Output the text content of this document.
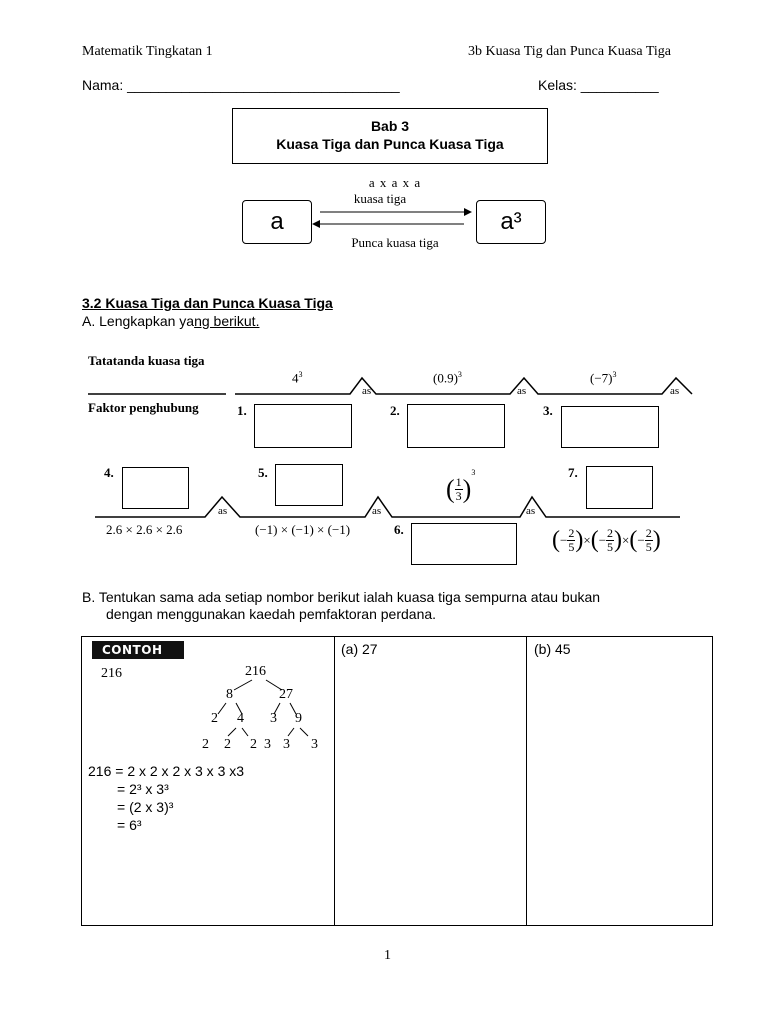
Matematik Tingkatan 1	3b Kuasa Tig dan Punca Kuasa Tiga
Nama: ___________________________________	Kelas: __________
Bab 3
Kuasa Tiga dan Punca Kuasa Tiga
a	a³
a x a x a
kuasa tiga
Punca kuasa tiga
3.2 Kuasa Tiga dan Punca Kuasa Tiga
A. Lengkapkan yang berikut.
Tatatanda kuasa tiga
Faktor penghubung
as	as	as
as	as	as
$4^3$	$(0.9)^3$	$(-7)^3$
1.	2.	3.
4.	5.	7.
6.
( $\frac{1}{3} )^3$
2.6 × 2.6 × 2.6	(−1) × (−1) × (−1)	(− $\frac{2}{5}$ )×(− $\frac{2}{5}$ )×(− $\frac{2}{5}$ )
B. Tentukan sama ada setiap nombor berikut ialah kuasa tiga sempurna atau bukan
dengan menggunakan kaedah pemfaktoran perdana.
CONTOH
216	216
8	27
2 4 3 9
2 2 2 3 3 3
216 = 2 x 2 x 2 x 3 x 3 x3
= 2³ x 3³
= (2 x 3)³
= 6³
(a) 27	(b) 45
1
